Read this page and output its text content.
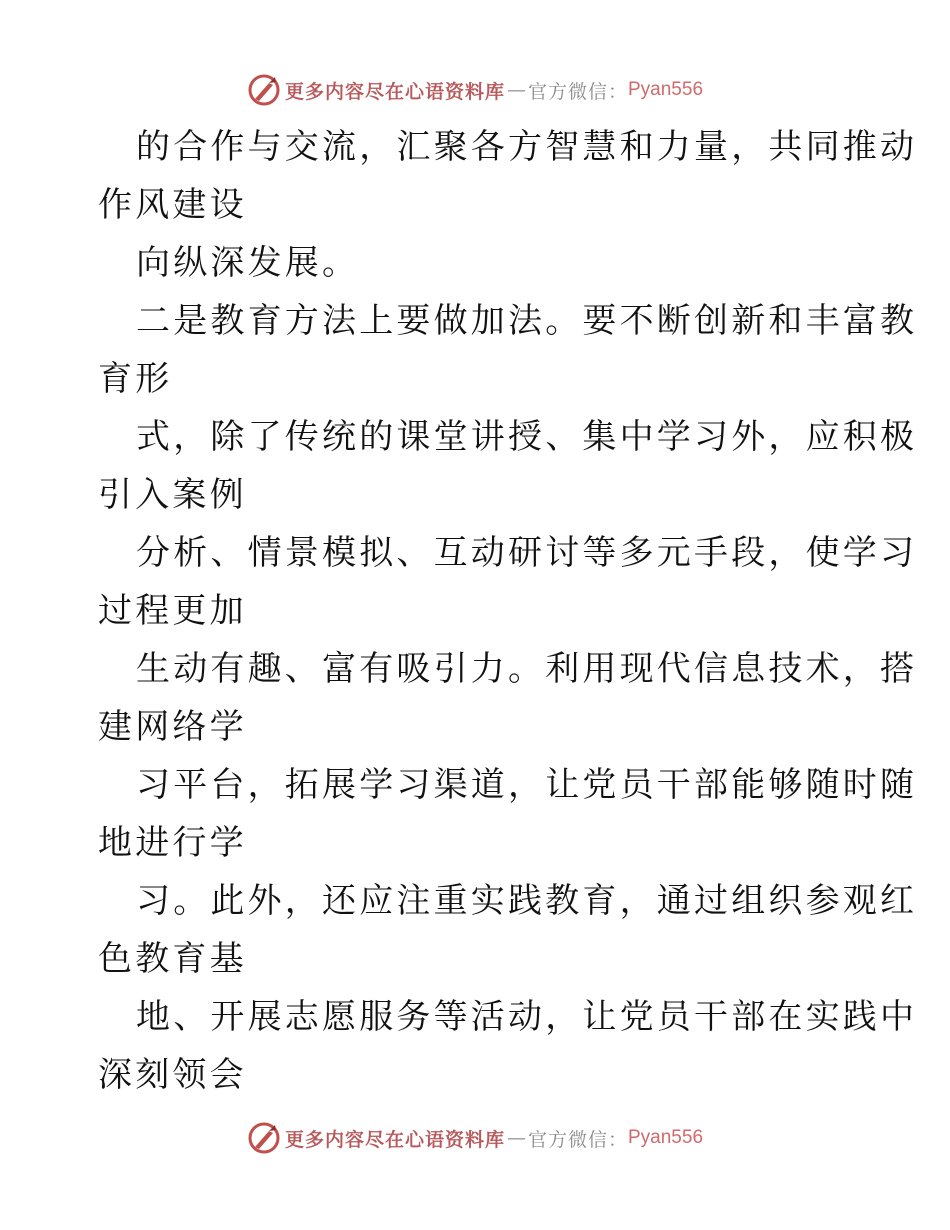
更多内容尽在心语资料库 — 官方微信： Pyan556

的合作与交流，汇聚各方智慧和力量，共同推动
作风建设

向纵深发展。

二是教育方法上要做加法。要不断创新和丰富教
育形

式，除了传统的课堂讲授、集中学习外，应积极
引入案例

分析、情景模拟、互动研讨等多元手段，使学习
过程更加

生动有趣、富有吸引力。利用现代信息技术，搭
建网络学

习平台，拓展学习渠道，让党员干部能够随时随
地进行学

习。此外，还应注重实践教育，通过组织参观红
色教育基

地、开展志愿服务等活动，让党员干部在实践中
深刻领会

更多内容尽在心语资料库 — 官方微信： Pyan556
